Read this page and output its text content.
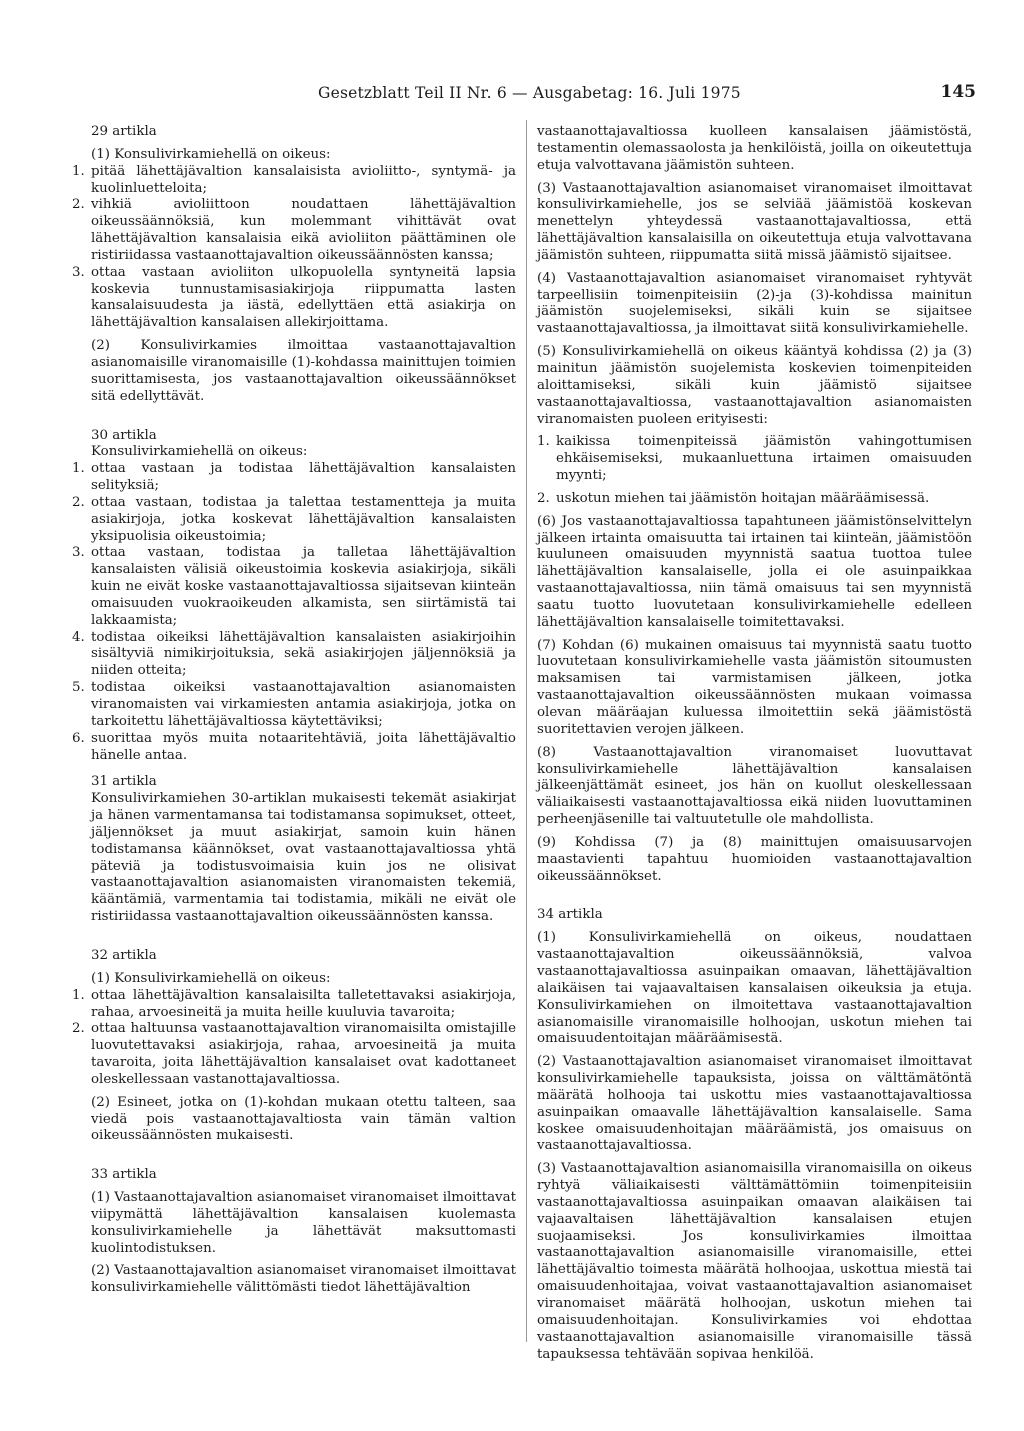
Gesetzblatt Teil II Nr. 6 — Ausgabetag: 16. Juli 1975	145

29 artikla

(1) Konsulivirkamiehellä on oikeus:

1. pitää lähettäjävaltion kansalaisista avioliitto-, syntymä- ja kuolinluetteloita;
2. vihkiä avioliittoon noudattaen lähettäjävaltion oikeussäännöksiä, kun molemmant vihittävät ovat lähettäjävaltion kansalaisia eikä avioliiton päättäminen ole ristiriidassa vastaanottajavaltion oikeussäännösten kanssa;
3. ottaa vastaan avioliiton ulkopuolella syntyneitä lapsia koskevia tunnustamisasiakirjoja riippumatta lasten kansalaisuudesta ja iästä, edellyttäen että asiakirja on lähettäjävaltion kansalaisen allekirjoittama.

(2) Konsulivirkamies ilmoittaa vastaanottajavaltion asianomaisille viranomaisille (1)-kohdassa mainittujen toimien suorittamisesta, jos vastaanottajavaltion oikeussäännökset sitä edellyttävät.

30 artikla

Konsulivirkamiehellä on oikeus:

1. ottaa vastaan ja todistaa lähettäjävaltion kansalaisten selityksiä;
2. ottaa vastaan, todistaa ja talettaa testamentteja ja muita asiakirjoja, jotka koskevat lähettäjävaltion kansalaisten yksipuolisia oikeustoimia;
3. ottaa vastaan, todistaa ja talletaa lähettäjävaltion kansalaisten välisiä oikeustoimia koskevia asiakirjoja, sikäli kuin ne eivät koske vastaanottajavaltiossa sijaitsevan kiinteän omaisuuden vuokraoikeuden alkamista, sen siirtämistä tai lakkaamista;
4. todistaa oikeiksi lähettäjävaltion kansalaisten asiakirjoihin sisältyviä nimikirjoituksia, sekä asiakirjojen jäljennöksiä ja niiden otteita;
5. todistaa oikeiksi vastaanottajavaltion asianomaisten viranomaisten vai virkamiesten antamia asiakirjoja, jotka on tarkoitettu lähettäjävaltiossa käytettäviksi;
6. suorittaa myös muita notaaritehtäviä, joita lähettäjävaltio hänelle antaa.

31 artikla

Konsulivirkamiehen 30-artiklan mukaisesti tekemät asiakirjat ja hänen varmentamansa tai todistamansa sopimukset, otteet, jäljennökset ja muut asiakirjat, samoin kuin hänen todistamansa käännökset, ovat vastaanottajavaltiossa yhtä päteviä ja todistusvoimaisia kuin jos ne olisivat vastaanottajavaltion asianomaisten viranomaisten tekemiä, kääntämiä, varmentamia tai todistamia, mikäli ne eivät ole ristiriidassa vastaanottajavaltion oikeussäännösten kanssa.

32 artikla

(1) Konsulivirkamiehellä on oikeus:

1. ottaa lähettäjävaltion kansalaisilta talletettavaksi asiakirjoja, rahaa, arvoesineitä ja muita heille kuuluvia tavaroita;
2. ottaa haltuunsa vastaanottajavaltion viranomaisilta omistajille luovutettavaksi asiakirjoja, rahaa, arvoesineitä ja muita tavaroita, joita lähettäjävaltion kansalaiset ovat kadottaneet oleskellessaan vastanottajavaltiossa.

(2) Esineet, jotka on (1)-kohdan mukaan otettu talteen, saa viedä pois vastaanottajavaltiosta vain tämän valtion oikeussäännösten mukaisesti.

33 artikla

(1) Vastaanottajavaltion asianomaiset viranomaiset ilmoittavat viipymättä lähettäjävaltion kansalaisen kuolemasta konsulivirkamiehelle ja lähettävät maksuttomasti kuolintodistuksen.

(2) Vastaanottajavaltion asianomaiset viranomaiset ilmoittavat konsulivirkamiehelle välittömästi tiedot lähettäjävaltion

vastaanottajavaltiossa kuolleen kansalaisen jäämistöstä, testamentin olemassaolosta ja henkilöistä, joilla on oikeutettuja etuja valvottavana jäämistön suhteen.

(3) Vastaanottajavaltion asianomaiset viranomaiset ilmoittavat konsulivirkamiehelle, jos se selviää jäämistöä koskevan menettelyn yhteydessä vastaanottajavaltiossa, että lähettäjävaltion kansalaisilla on oikeutettuja etuja valvottavana jäämistön suhteen, riippumatta siitä missä jäämistö sijaitsee.

(4) Vastaanottajavaltion asianomaiset viranomaiset ryhtyvät tarpeellisiin toimenpiteisiin (2)-ja (3)-kohdissa mainitun jäämistön suojelemiseksi, sikäli kuin se sijaitsee vastaanottajavaltiossa, ja ilmoittavat siitä konsulivirkamiehelle.

(5) Konsulivirkamiehellä on oikeus kääntyä kohdissa (2) ja (3) mainitun jäämistön suojelemista koskevien toimenpiteiden aloittamiseksi, sikäli kuin jäämistö sijaitsee vastaanottajavaltiossa, vastaanottajavaltion asianomaisten viranomaisten puoleen erityisesti:

1. kaikissa toimenpiteissä jäämistön vahingottumisen ehkäisemiseksi, mukaanluettuna irtaimen omaisuuden myynti;
2. uskotun miehen tai jäämistön hoitajan määräämisessä.

(6) Jos vastaanottajavaltiossa tapahtuneen jäämistönselvittelyn jälkeen irtainta omaisuutta tai irtainen tai kiinteän, jäämistöön kuuluneen omaisuuden myynnistä saatua tuottoa tulee lähettäjävaltion kansalaiselle, jolla ei ole asuinpaikkaa vastaanottajavaltiossa, niin tämä omaisuus tai sen myynnistä saatu tuotto luovutetaan konsulivirkamiehelle edelleen lähettäjävaltion kansalaiselle toimitettavaksi.

(7) Kohdan (6) mukainen omaisuus tai myynnistä saatu tuotto luovutetaan konsulivirkamiehelle vasta jäämistön sitoumusten maksamisen tai varmistamisen jälkeen, jotka vastaanottajavaltion oikeussäännösten mukaan voimassa olevan määräajan kuluessa ilmoitettiin sekä jäämistöstä suoritettavien verojen jälkeen.

(8) Vastaanottajavaltion viranomaiset luovuttavat konsulivirkamiehelle lähettäjävaltion kansalaisen jälkeenjättämät esineet, jos hän on kuollut oleskellessaan väliaikaisesti vastaanottajavaltiossa eikä niiden luovuttaminen perheenjäsenille tai valtuutetulle ole mahdollista.

(9) Kohdissa (7) ja (8) mainittujen omaisuusarvojen maastavienti tapahtuu huomioiden vastaanottajavaltion oikeussäännökset.

34 artikla

(1) Konsulivirkamiehellä on oikeus, noudattaen vastaanottajavaltion oikeussäännöksiä, valvoa vastaanottajavaltiossa asuinpaikan omaavan, lähettäjävaltion alaikäisen tai vajaavaltaisen kansalaisen oikeuksia ja etuja. Konsulivirkamiehen on ilmoitettava vastaanottajavaltion asianomaisille viranomaisille holhoojan, uskotun miehen tai omaisuudentoitajan määräämisestä.

(2) Vastaanottajavaltion asianomaiset viranomaiset ilmoittavat konsulivirkamiehelle tapauksista, joissa on välttämätöntä määrätä holhooja tai uskottu mies vastaanottajavaltiossa asuinpaikan omaavalle lähettäjävaltion kansalaiselle. Sama koskee omaisuudenhoitajan määräämistä, jos omaisuus on vastaanottajavaltiossa.

(3) Vastaanottajavaltion asianomaisilla viranomaisilla on oikeus ryhtyä väliaikaisesti välttämättömiin toimenpiteisiin vastaanottajavaltiossa asuinpaikan omaavan alaikäisen tai vajaavaltaisen lähettäjävaltion kansalaisen etujen suojaamiseksi. Jos konsulivirkamies ilmoittaa vastaanottajavaltion asianomaisille viranomaisille, ettei lähettäjävaltio toimesta määrätä holhoojaa, uskottua miestä tai omaisuudenhoitajaa, voivat vastaanottajavaltion asianomaiset viranomaiset määrätä holhoojan, uskotun miehen tai omaisuudenhoitajan. Konsulivirkamies voi ehdottaa vastaanottajavaltion asianomaisille viranomaisille tässä tapauksessa tehtävään sopivaa henkilöä.
